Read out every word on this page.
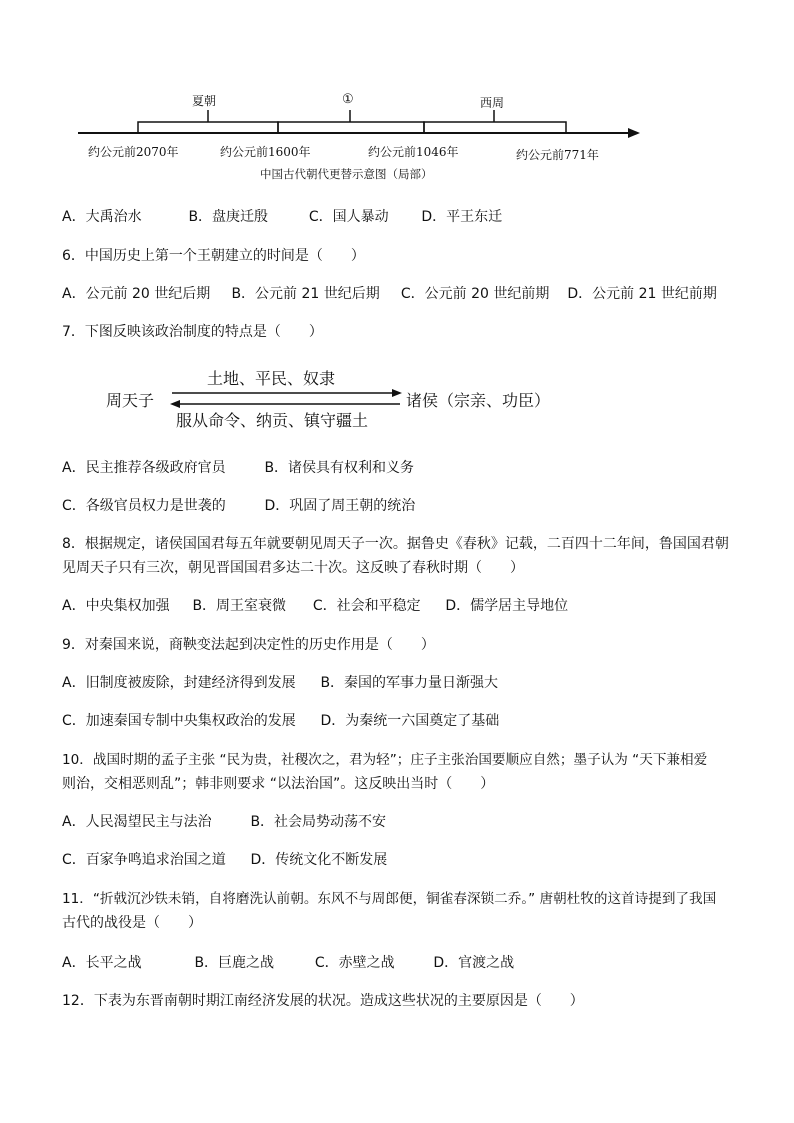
夏朝	①	西周
约公元前2070年	约公元前1600年	约公元前1046年	约公元前771年
中国古代朝代更替示意图（局部）
A．大禹治水	B．盘庚迁殷	C．国人暴动 D．平王东迁
6．中国历史上第一个王朝建立的时间是（　　）
A．公元前 20 世纪后期 B．公元前 21 世纪后期 C．公元前 20 世纪前期 D．公元前 21 世纪前期
7．下图反映该政治制度的特点是（　　）
周天子
土地、平民、奴隶
诸侯（宗亲、功臣）
服从命令、纳贡、镇守疆土
A．民主推荐各级政府官员	B．诸侯具有权利和义务
C．各级官员权力是世袭的	D．巩固了周王朝的统治
8．根据规定，诸侯国国君每五年就要朝见周天子一次。据鲁史《春秋》记载，二百四十二年间，鲁国国君朝
见周天子只有三次，朝见晋国国君多达二十次。这反映了春秋时期（　　）
A．中央集权加强 B．周王室衰微 C．社会和平稳定 D．儒学居主导地位
9．对秦国来说，商鞅变法起到决定性的历史作用是（　　）
A．旧制度被废除，封建经济得到发展 B．秦国的军事力量日渐强大
C．加速秦国专制中央集权政治的发展 D．为秦统一六国奠定了基础
10．战国时期的孟子主张 “民为贵，社稷次之，君为轻”；庄子主张治国要顺应自然；墨子认为 “天下兼相爱
则治，交相恶则乱”；韩非则要求 “以法治国”。这反映出当时（　　）
A．人民渴望民主与法治	B．社会局势动荡不安
C．百家争鸣追求治国之道 D．传统文化不断发展
11．“折戟沉沙铁未销，自将磨洗认前朝。东风不与周郎便，铜雀春深锁二乔。” 唐朝杜牧的这首诗提到了我国
古代的战役是（　　）
A．长平之战	B．巨鹿之战	C．赤壁之战	D．官渡之战
12．下表为东晋南朝时期江南经济发展的状况。造成这些状况的主要原因是（　　）
